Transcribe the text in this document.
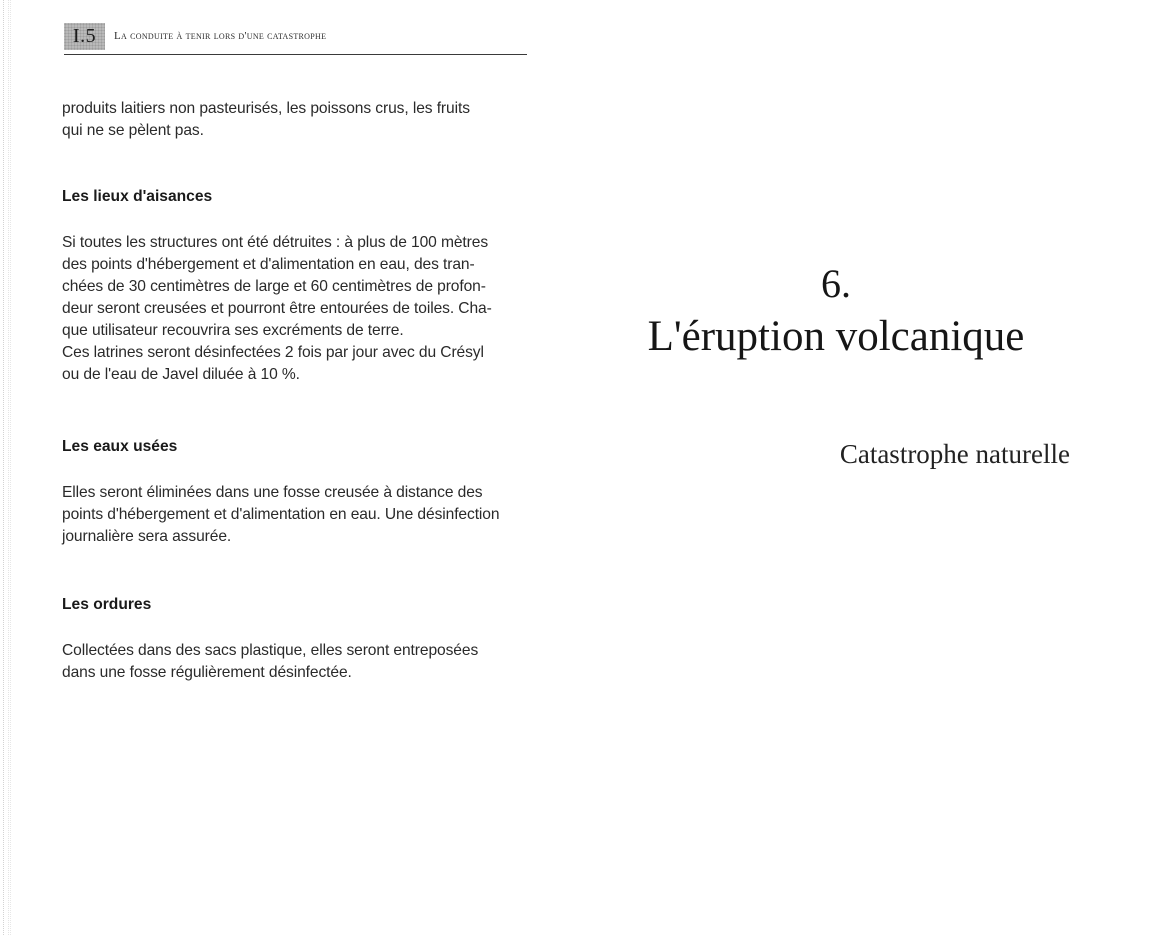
I.5	La conduite à tenir lors d'une catastrophe

produits laitiers non pasteurisés, les poissons crus, les fruits
qui ne se pèlent pas.

Les lieux d'aisances

Si toutes les structures ont été détruites : à plus de 100 mètres
des points d'hébergement et d'alimentation en eau, des tran-
chées de 30 centimètres de large et 60 centimètres de profon-
deur seront creusées et pourront être entourées de toiles. Cha-
que utilisateur recouvrira ses excréments de terre.
Ces latrines seront désinfectées 2 fois par jour avec du Crésyl
ou de l'eau de Javel diluée à 10 %.

Les eaux usées

Elles seront éliminées dans une fosse creusée à distance des
points d'hébergement et d'alimentation en eau. Une désinfection
journalière sera assurée.

Les ordures

Collectées dans des sacs plastique, elles seront entreposées
dans une fosse régulièrement désinfectée.

6.
L'éruption volcanique
Catastrophe naturelle
